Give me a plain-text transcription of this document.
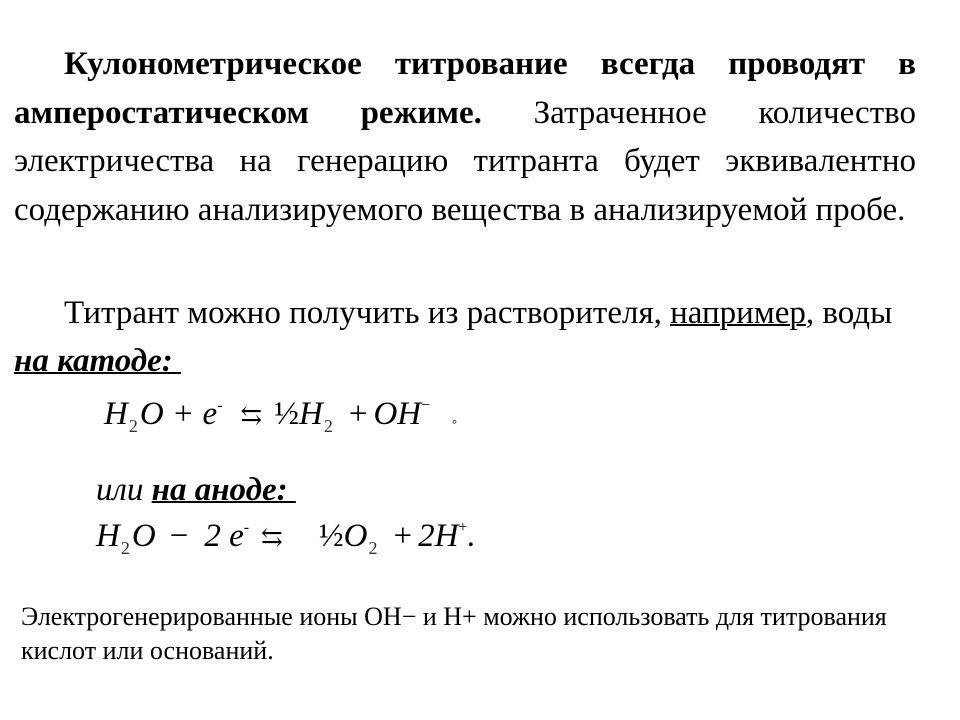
Кулонометрическое титрование всегда проводят в амперостатическом режиме. Затраченное количество электричества на генерацию титранта будет эквивалентно содержанию анализируемого вещества в анализируемой пробе.
Титрант можно получить из растворителя, например, воды на катоде:
$H_2O + e^-$ ⇆ $\frac{1}{2}H_2 + OH^-^\circ$
или на аноде:
$H_2O - 2$ e- ⇆ $\frac{1}{2}O_2 + 2H^+$.
Электрогенерированные ионы ОН− и Н+ можно использовать для титрования кислот или оснований.
